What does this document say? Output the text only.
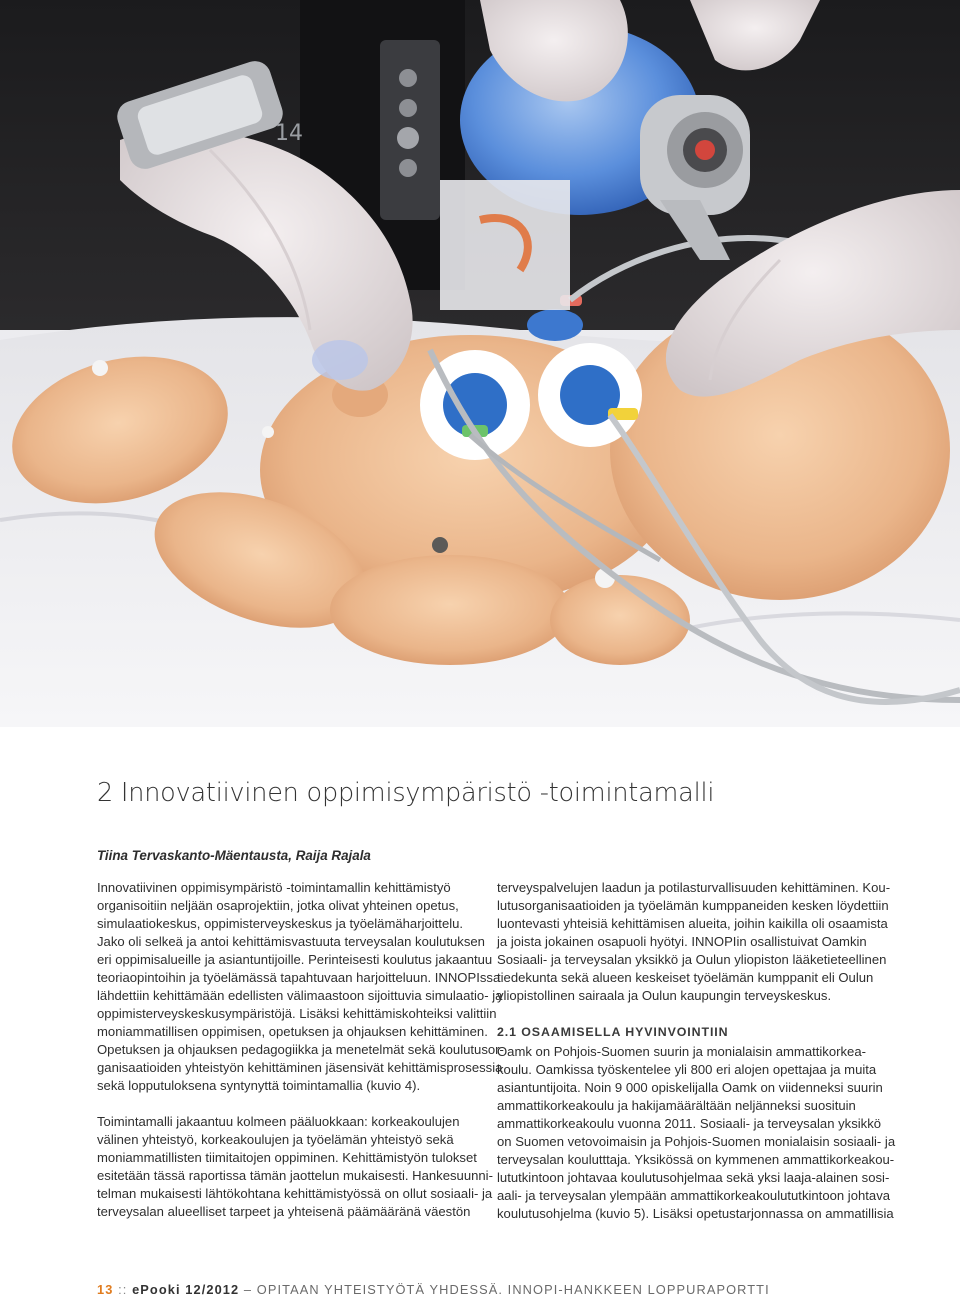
14
2 Innovatiivinen oppimisympäristö -toimintamalli

Tiina Tervaskanto-Mäentausta, Raija Rajala

Innovatiivinen oppimisympäristö -toimintamallin kehittämistyö
organisoitiin neljään osaprojektiin, jotka olivat yhteinen opetus,
simulaatiokeskus, oppimisterveyskeskus ja työelämäharjoittelu.
Jako oli selkeä ja antoi kehittämisvastuuta terveysalan koulutuksen
eri oppimisalueille ja asiantuntijoille. Perinteisesti koulutus jakaantuu
teoriaopintoihin ja työelämässä tapahtuvaan harjoitteluun. INNOPIssa
lähdettiin kehittämään edellisten välimaastoon sijoittuvia simulaatio- ja
oppimisterveyskeskusympäristöjä. Lisäksi kehittämiskohteiksi valittiin
moniammatillisen oppimisen, opetuksen ja ohjauksen kehittäminen.
Opetuksen ja ohjauksen pedagogiikka ja menetelmät sekä koulutusor-
ganisaatioiden yhteistyön kehittäminen jäsensivät kehittämisprosessia
sekä lopputuloksena syntynyttä toimintamallia (kuvio 4).

Toimintamalli jakaantuu kolmeen pääluokkaan: korkeakoulujen
välinen yhteistyö, korkeakoulujen ja työelämän yhteistyö sekä
moniammatillisten tiimitaitojen oppiminen. Kehittämistyön tulokset
esitetään tässä raportissa tämän jaottelun mukaisesti. Hankesuunni-
telman mukaisesti lähtökohtana kehittämistyössä on ollut sosiaali- ja
terveysalan alueelliset tarpeet ja yhteisenä päämääränä väestön

terveyspalvelujen laadun ja potilasturvallisuuden kehittäminen. Kou-
lutusorganisaatioiden ja työelämän kumppaneiden kesken löydettiin
luontevasti yhteisiä kehittämisen alueita, joihin kaikilla oli osaamista
ja joista jokainen osapuoli hyötyi. INNOPIin osallistuivat Oamkin
Sosiaali- ja terveysalan yksikkö ja Oulun yliopiston lääketieteellinen
tiedekunta sekä alueen keskeiset työelämän kumppanit eli Oulun
yliopistollinen sairaala ja Oulun kaupungin terveyskeskus.

2.1 OSAAMISELLA HYVINVOINTIIN

Oamk on Pohjois-Suomen suurin ja monialaisin ammattikorkea-
koulu. Oamkissa työskentelee yli 800 eri alojen opettajaa ja muita
asiantuntijoita. Noin 9 000 opiskelijalla Oamk on viidenneksi suurin
ammattikorkeakoulu ja hakijamäärältään neljänneksi suosituin
ammattikorkeakoulu vuonna 2011. Sosiaali- ja terveysalan yksikkö
on Suomen vetovoimaisin ja Pohjois-Suomen monialaisin sosiaali- ja
terveysalan koulutttaja. Yksikössä on kymmenen ammattikorkeakou-
lututkintoon johtavaa koulutusohjelmaa sekä yksi laaja-alainen sosi-
aali- ja terveysalan ylempään ammattikorkeakoulututkintoon johtava
koulutusohjelma (kuvio 5). Lisäksi opetustarjonnassa on ammatillisia

13 :: ePooki 12/2012 – OPITAAN YHTEISTYÖTÄ YHDESSÄ. INNOPI-HANKKEEN LOPPURAPORTTI
